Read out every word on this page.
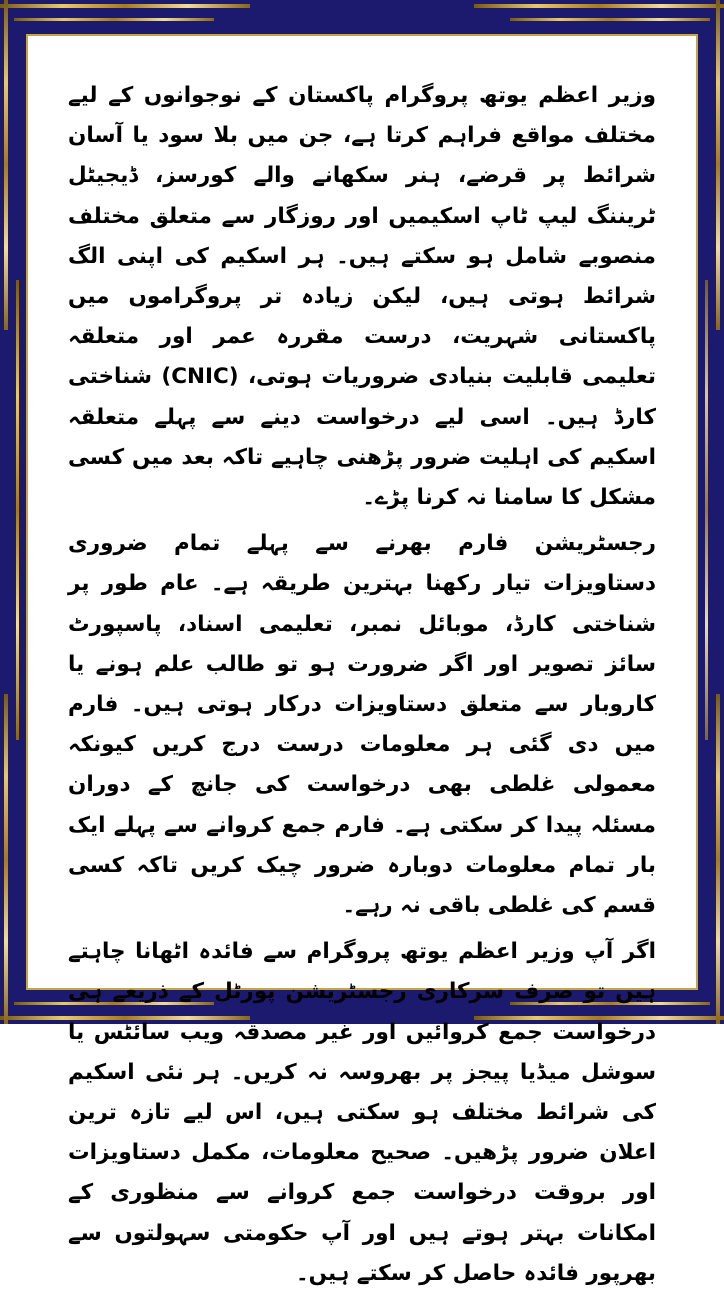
وزیر اعظم یوتھ پروگرام پاکستان کے نوجوانوں کے لیے مختلف مواقع فراہم کرتا ہے، جن میں بلا سود یا آسان شرائط پر قرضے، ہنر سکھانے والے کورسز، ڈیجیٹل ٹریننگ لیپ ٹاپ اسکیمیں اور روزگار سے متعلق مختلف منصوبے شامل ہو سکتے ہیں۔ ہر اسکیم کی اپنی الگ شرائط ہوتی ہیں، لیکن زیادہ تر پروگراموں میں پاکستانی شہریت، درست مقررہ عمر اور متعلقہ تعلیمی قابلیت بنیادی ضروریات ہوتی، (CNIC) شناختی کارڈ ہیں۔ اسی لیے درخواست دینے سے پہلے متعلقہ اسکیم کی اہلیت ضرور پڑھنی چاہیے تاکہ بعد میں کسی مشکل کا سامنا نہ کرنا پڑے۔

رجسٹریشن فارم بھرنے سے پہلے تمام ضروری دستاویزات تیار رکھنا بہترین طریقہ ہے۔ عام طور پر شناختی کارڈ، موبائل نمبر، تعلیمی اسناد، پاسپورٹ سائز تصویر اور اگر ضرورت ہو تو طالب علم ہونے یا کاروبار سے متعلق دستاویزات درکار ہوتی ہیں۔ فارم میں دی گئی ہر معلومات درست درج کریں کیونکہ معمولی غلطی بھی درخواست کی جانچ کے دوران مسئلہ پیدا کر سکتی ہے۔ فارم جمع کروانے سے پہلے ایک بار تمام معلومات دوبارہ ضرور چیک کریں تاکہ کسی قسم کی غلطی باقی نہ رہے۔

اگر آپ وزیر اعظم یوتھ پروگرام سے فائدہ اٹھانا چاہتے ہیں تو صرف سرکاری رجسٹریشن پورٹل کے ذریعے ہی درخواست جمع کروائیں اور غیر مصدقہ ویب سائٹس یا سوشل میڈیا پیجز پر بھروسہ نہ کریں۔ ہر نئی اسکیم کی شرائط مختلف ہو سکتی ہیں، اس لیے تازہ ترین اعلان ضرور پڑھیں۔ صحیح معلومات، مکمل دستاویزات اور بروقت درخواست جمع کروانے سے منظوری کے امکانات بہتر ہوتے ہیں اور آپ حکومتی سہولتوں سے بھرپور فائدہ حاصل کر سکتے ہیں۔
